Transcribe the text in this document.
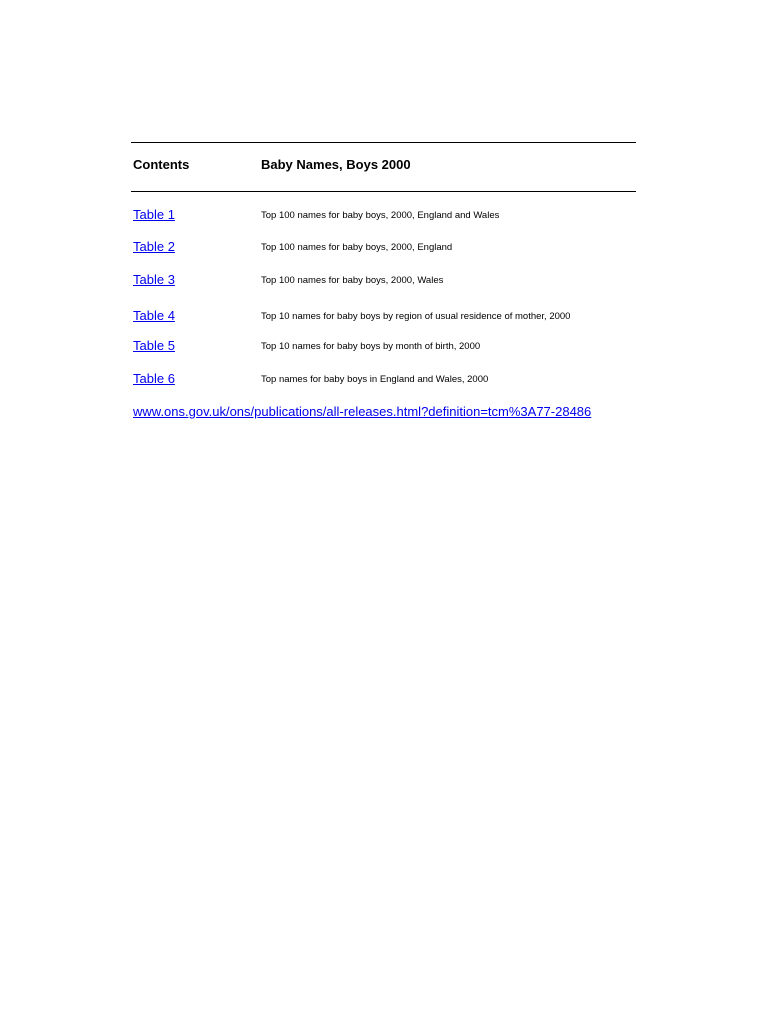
Contents	Baby Names, Boys 2000
Table 1	Top 100 names for baby boys, 2000, England and Wales
Table 2	Top 100 names for baby boys, 2000, England
Table 3	Top 100 names for baby boys, 2000, Wales
Table 4	Top 10 names for baby boys by region of usual residence of mother, 2000
Table 5	Top 10 names for baby boys by month of birth, 2000
Table 6	Top names for baby boys in England and Wales, 2000
www.ons.gov.uk/ons/publications/all-releases.html?definition=tcm%3A77-28486
